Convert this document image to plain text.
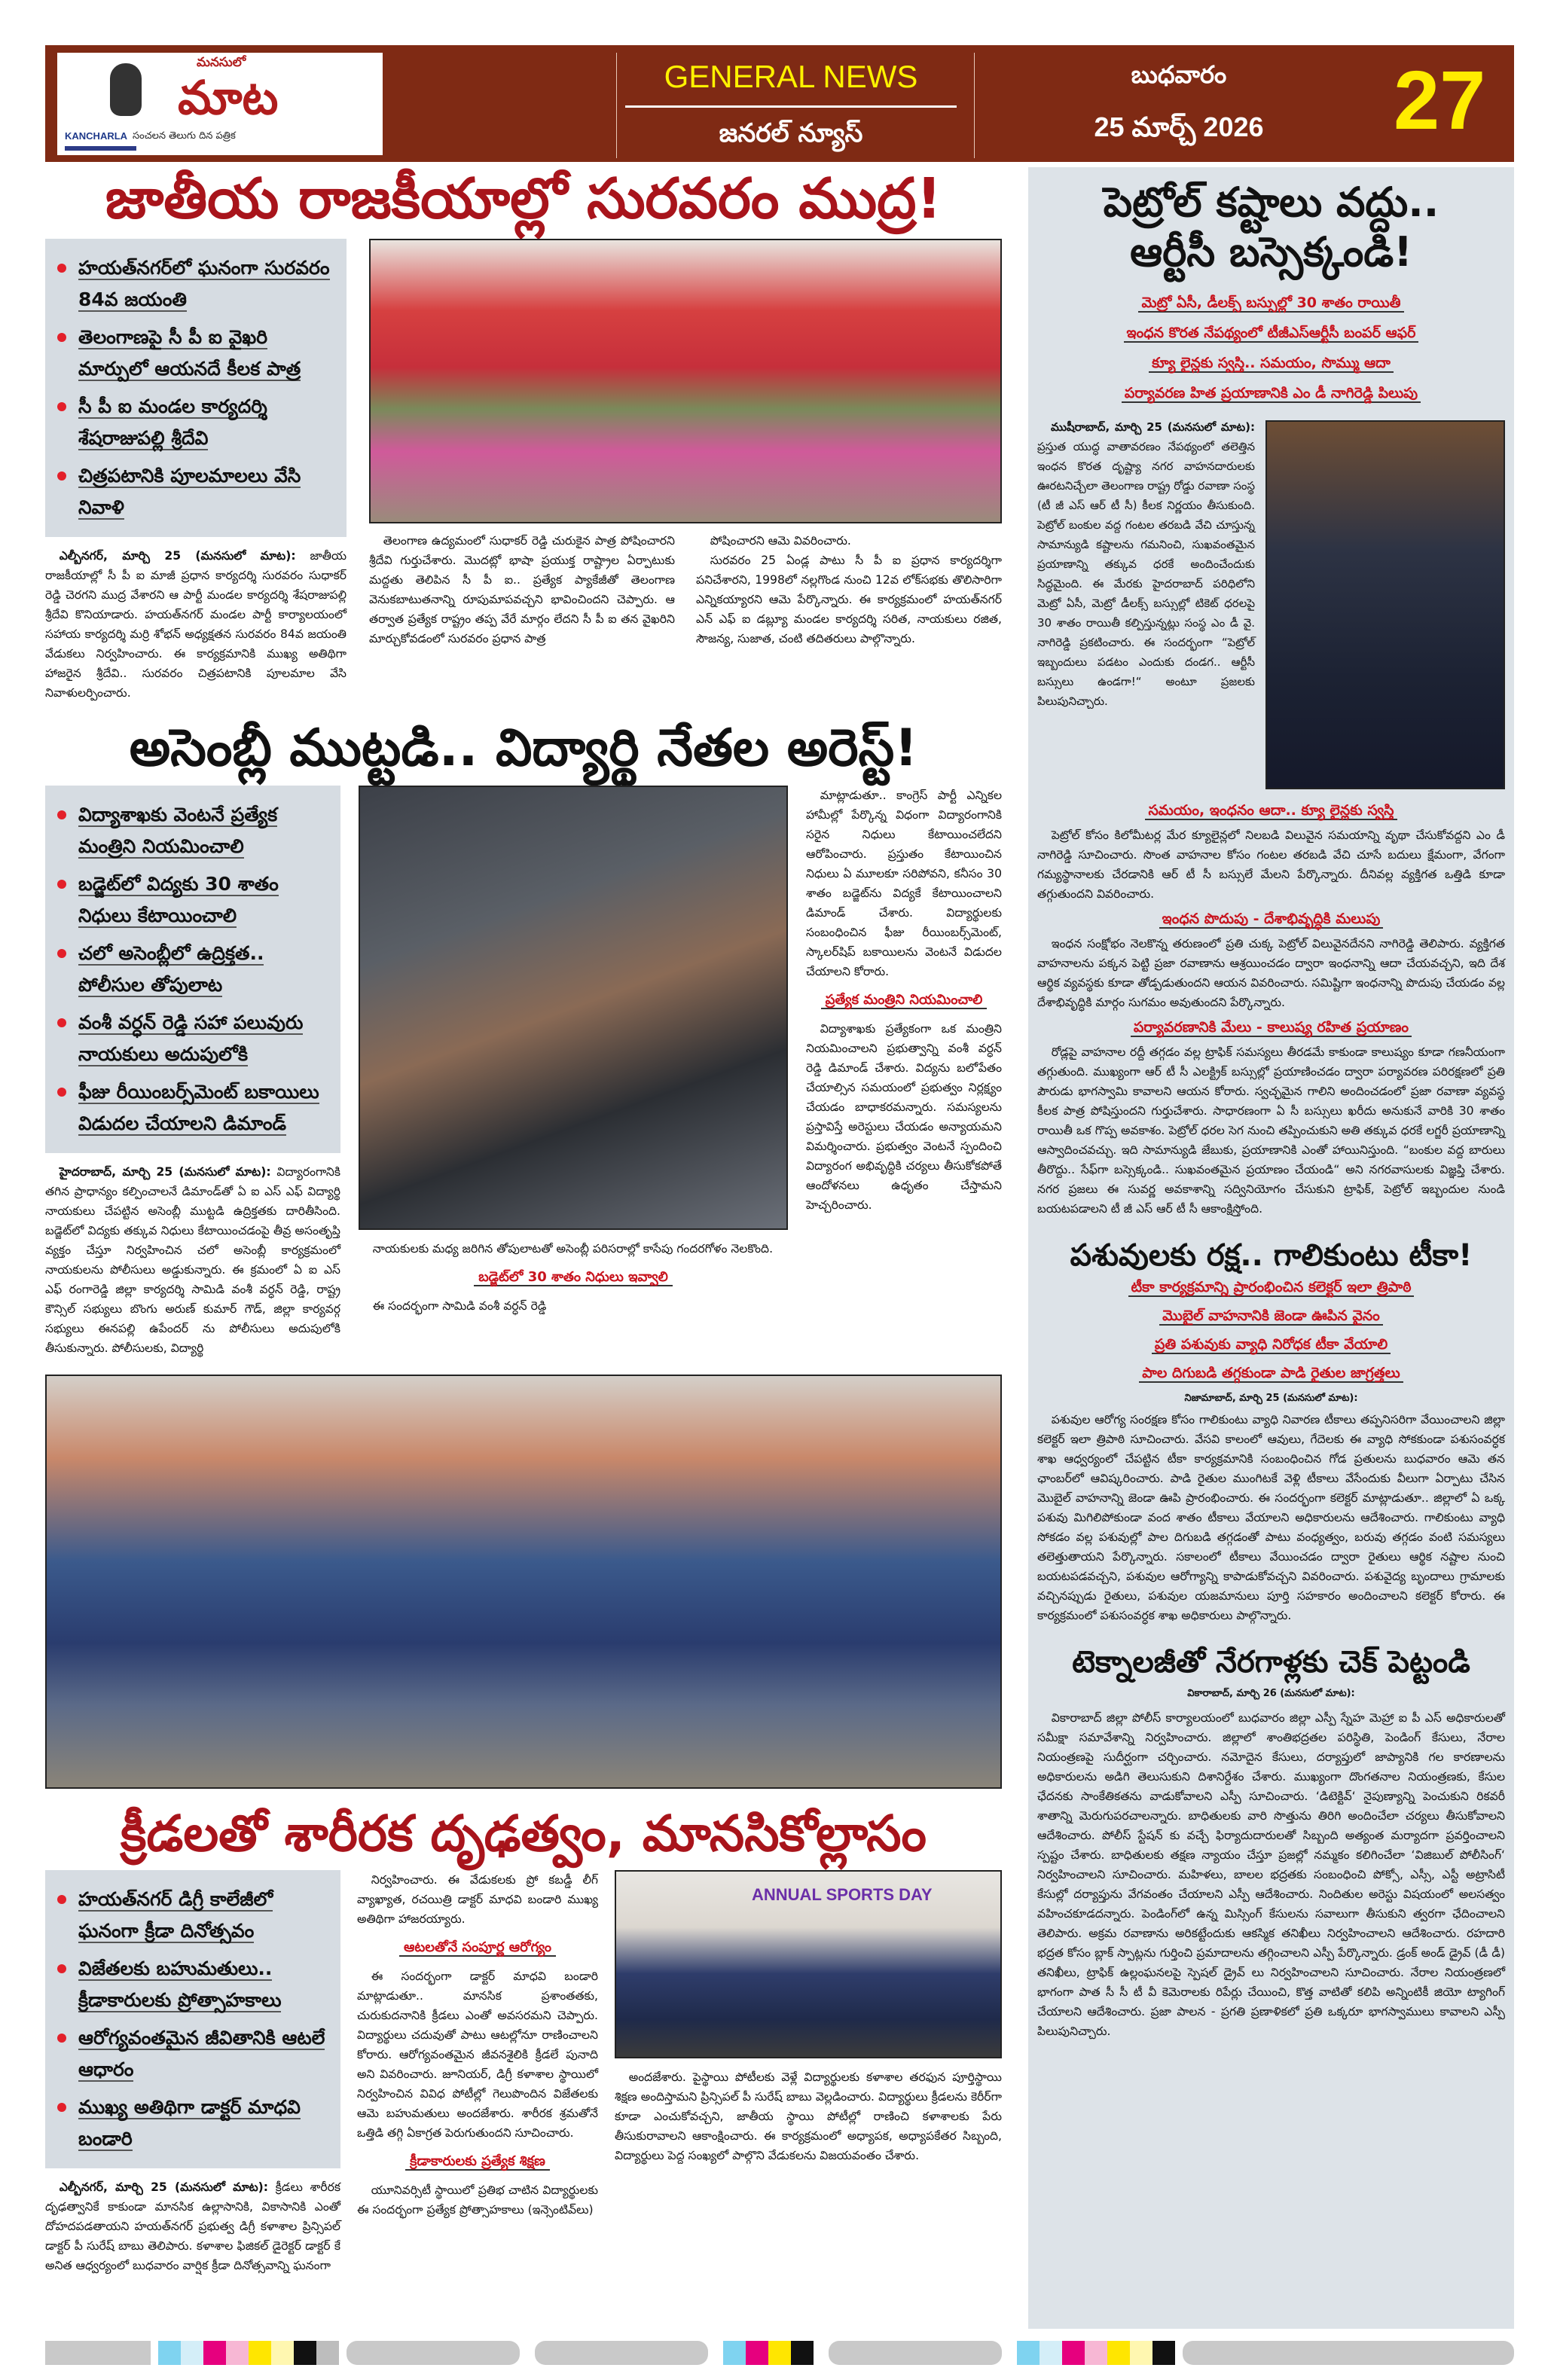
మనసులో
మాట
KANCHARLA సంచలన తెలుగు దిన పత్రిక
GENERAL NEWS
జనరల్ న్యూస్
బుధవారం
25 మార్చ్ 2026	27
జాతీయ రాజకీయాల్లో సురవరం ముద్ర!
హయత్‌నగర్‌లో ఘనంగా సురవరం 84వ జయంతి
తెలంగాణపై సీ పీ ఐ వైఖరి మార్పులో ఆయనదే కీలక పాత్ర
సీ పీ ఐ మండల కార్యదర్శి శేషరాజుపల్లి శ్రీదేవి
చిత్రపటానికి పూలమాలలు వేసి నివాళి
ఎల్బీనగర్, మార్చి 25 (మనసులో మాట): జాతీయ రాజకీయాల్లో సీ పీ ఐ మాజీ ప్రధాన కార్యదర్శి సురవరం సుధాకర్ రెడ్డి చెరగని ముద్ర వేశారని ఆ పార్టీ మండల కార్యదర్శి శేషరాజుపల్లి శ్రీదేవి కొనియాడారు. హయత్‌నగర్ మండల పార్టీ కార్యాలయంలో సహాయ కార్యదర్శి మర్రి శోభన్ అధ్యక్షతన సురవరం 84వ జయంతి వేడుకలు నిర్వహించారు. ఈ కార్యక్రమానికి ముఖ్య అతిథిగా హాజరైన శ్రీదేవి.. సురవరం చిత్రపటానికి పూలమాల వేసి నివాళులర్పించారు.
తెలంగాణ ఉద్యమంలో సుధాకర్ రెడ్డి చురుకైన పాత్ర పోషించారని శ్రీదేవి గుర్తుచేశారు. మొదట్లో భాషా ప్రయుక్త రాష్ట్రాల ఏర్పాటుకు మద్దతు తెలిపిన సీ పీ ఐ.. ప్రత్యేక ప్యాకేజీతో తెలంగాణ వెనుకబాటుతనాన్ని రూపుమాపవచ్చని భావించిందని చెప్పారు. ఆ తర్వాత ప్రత్యేక రాష్ట్రం తప్ప వేరే మార్గం లేదని సీ పీ ఐ తన వైఖరిని మార్చుకోవడంలో సురవరం ప్రధాన పాత్ర
పోషించారని ఆమె వివరించారు.
సురవరం 25 ఏండ్ల పాటు సీ పీ ఐ ప్రధాన కార్యదర్శిగా పనిచేశారని, 1998లో నల్లగొండ నుంచి 12వ లోక్‌సభకు తొలిసారిగా ఎన్నికయ్యారని ఆమె పేర్కొన్నారు. ఈ కార్యక్రమంలో హయత్‌నగర్ ఎన్ ఎఫ్ ఐ డబ్ల్యూ మండల కార్యదర్శి సరిత, నాయకులు రజిత, సౌజన్య, సుజాత, చంటి తదితరులు పాల్గొన్నారు.
అసెంబ్లీ ముట్టడి.. విద్యార్థి నేతల అరెస్ట్!
విద్యాశాఖకు వెంటనే ప్రత్యేక మంత్రిని నియమించాలి
బడ్జెట్‌లో విద్యకు 30 శాతం నిధులు కేటాయించాలి
చలో అసెంబ్లీలో ఉద్రిక్తత.. పోలీసుల తోపులాట
వంశీ వర్ధన్ రెడ్డి సహా పలువురు నాయకులు అదుపులోకి
ఫీజు రీయింబర్స్‌మెంట్ బకాయిలు విడుదల చేయాలని డిమాండ్
హైదరాబాద్, మార్చి 25 (మనసులో మాట): విద్యారంగానికి తగిన ప్రాధాన్యం కల్పించాలనే డిమాండ్‌తో ఏ ఐ ఎస్ ఎఫ్ విద్యార్థి నాయకులు చేపట్టిన అసెంబ్లీ ముట్టడి ఉద్రిక్తతకు దారితీసింది. బడ్జెట్‌లో విద్యకు తక్కువ నిధులు కేటాయించడంపై తీవ్ర అసంతృప్తి వ్యక్తం చేస్తూ నిర్వహించిన చలో అసెంబ్లీ కార్యక్రమంలో నాయకులను పోలీసులు అడ్డుకున్నారు. ఈ క్రమంలో ఏ ఐ ఎస్ ఎఫ్ రంగారెడ్డి జిల్లా కార్యదర్శి సామిడి వంశీ వర్ధన్ రెడ్డి, రాష్ట్ర కౌన్సిల్ సభ్యులు బొంగు అరుణ్ కుమార్ గౌడ్, జిల్లా కార్యవర్గ సభ్యులు ఈనపల్లి ఉపేందర్ ను పోలీసులు అదుపులోకి తీసుకున్నారు. పోలీసులకు, విద్యార్థి
నాయకులకు మధ్య జరిగిన తోపులాటతో అసెంబ్లీ పరిసరాల్లో కాసేపు గందరగోళం నెలకొంది.
బడ్జెట్‌లో 30 శాతం నిధులు ఇవ్వాలి
ఈ సందర్భంగా సామిడి వంశీ వర్ధన్ రెడ్డి
మాట్లాడుతూ.. కాంగ్రెస్ పార్టీ ఎన్నికల హామీల్లో పేర్కొన్న విధంగా విద్యారంగానికి సరైన నిధులు కేటాయించలేదని ఆరోపించారు. ప్రస్తుతం కేటాయించిన నిధులు ఏ మూలకూ సరిపోవని, కనీసం 30 శాతం బడ్జెట్‌ను విద్యకే కేటాయించాలని డిమాండ్ చేశారు. విద్యార్థులకు సంబంధించిన ఫీజు రీయింబర్స్‌మెంట్, స్కాలర్‌షిప్ బకాయిలను వెంటనే విడుదల చేయాలని కోరారు.
ప్రత్యేక మంత్రిని నియమించాలి
విద్యాశాఖకు ప్రత్యేకంగా ఒక మంత్రిని నియమించాలని ప్రభుత్వాన్ని వంశీ వర్ధన్ రెడ్డి డిమాండ్ చేశారు. విద్యను బలోపేతం చేయాల్సిన సమయంలో ప్రభుత్వం నిర్లక్ష్యం చేయడం బాధాకరమన్నారు. సమస్యలను ప్రస్తావిస్తే అరెస్టులు చేయడం అన్యాయమని విమర్శించారు. ప్రభుత్వం వెంటనే స్పందించి విద్యారంగ అభివృద్ధికి చర్యలు తీసుకోకపోతే ఆందోళనలు ఉధృతం చేస్తామని హెచ్చరించారు.
క్రీడలతో శారీరక దృఢత్వం, మానసికోల్లాసం
హయత్‌నగర్ డిగ్రీ కాలేజీలో ఘనంగా క్రీడా దినోత్సవం
విజేతలకు బహుమతులు.. క్రీడాకారులకు ప్రోత్సాహకాలు
ఆరోగ్యవంతమైన జీవితానికి ఆటలే ఆధారం
ముఖ్య అతిథిగా డాక్టర్ మాధవి బండారి
ఎల్బీనగర్, మార్చి 25 (మనసులో మాట): క్రీడలు శారీరక దృఢత్వానికే కాకుండా మానసిక ఉల్లాసానికి, వికాసానికి ఎంతో దోహదపడతాయని హయత్‌నగర్ ప్రభుత్వ డిగ్రీ కళాశాల ప్రిన్సిపల్ డాక్టర్ పీ సురేష్ బాబు తెలిపారు. కళాశాల ఫిజికల్ డైరెక్టర్ డాక్టర్ కే అనిత ఆధ్వర్యంలో బుధవారం వార్షిక క్రీడా దినోత్సవాన్ని ఘనంగా
నిర్వహించారు. ఈ వేడుకలకు ప్రో కబడ్డీ లీగ్ వ్యాఖ్యాత, రచయిత్రి డాక్టర్ మాధవి బండారి ముఖ్య అతిథిగా హాజరయ్యారు.
ఆటలతోనే సంపూర్ణ ఆరోగ్యం
ఈ సందర్భంగా డాక్టర్ మాధవి బండారి మాట్లాడుతూ.. మానసిక ప్రశాంతతకు, చురుకుదనానికి క్రీడలు ఎంతో అవసరమని చెప్పారు. విద్యార్థులు చదువుతో పాటు ఆటల్లోనూ రాణించాలని కోరారు. ఆరోగ్యవంతమైన జీవనశైలికి క్రీడలే పునాది అని వివరించారు. జూనియర్, డిగ్రీ కళాశాల స్థాయిలో నిర్వహించిన వివిధ పోటీల్లో గెలుపొందిన విజేతలకు ఆమె బహుమతులు అందజేశారు. శారీరక శ్రమతోనే ఒత్తిడి తగ్గి ఏకాగ్రత పెరుగుతుందని సూచించారు.
క్రీడాకారులకు ప్రత్యేక శిక్షణ
యూనివర్సిటీ స్థాయిలో ప్రతిభ చాటిన విద్యార్థులకు ఈ సందర్భంగా ప్రత్యేక ప్రోత్సాహకాలు (ఇన్సెంటివ్‌లు)
ANNUAL SPORTS DAY
అందజేశారు. పైస్థాయి పోటీలకు వెళ్లే విద్యార్థులకు కళాశాల తరఫున పూర్తిస్థాయి శిక్షణ అందిస్తామని ప్రిన్సిపల్ పీ సురేష్ బాబు వెల్లడించారు. విద్యార్థులు క్రీడలను కెరీర్‌గా కూడా ఎంచుకోవచ్చని, జాతీయ స్థాయి పోటీల్లో రాణించి కళాశాలకు పేరు తీసుకురావాలని ఆకాంక్షించారు. ఈ కార్యక్రమంలో అధ్యాపక, అధ్యాపకేతర సిబ్బంది, విద్యార్థులు పెద్ద సంఖ్యలో పాల్గొని వేడుకలను విజయవంతం చేశారు.
పెట్రోల్ కష్టాలు వద్దు.. ఆర్టీసీ బస్సెక్కండి!
మెట్రో ఏసీ, డీలక్స్ బస్సుల్లో 30 శాతం రాయితీ
ఇంధన కొరత నేపథ్యంలో టీజీఎస్ఆర్టీసీ బంపర్ ఆఫర్
క్యూ లైన్లకు స్వస్తి.. సమయం, సొమ్ము ఆదా
పర్యావరణ హిత ప్రయాణానికి ఎం డీ నాగిరెడ్డి పిలుపు
ముషీరాబాద్, మార్చి 25 (మనసులో మాట): ప్రస్తుత యుద్ధ వాతావరణం నేపథ్యంలో తలెత్తిన ఇంధన కొరత దృష్ట్యా నగర వాహనదారులకు ఊరటనిచ్చేలా తెలంగాణ రాష్ట్ర రోడ్డు రవాణా సంస్థ (టీ జీ ఎస్ ఆర్ టీ సీ) కీలక నిర్ణయం తీసుకుంది. పెట్రోల్ బంకుల వద్ద గంటల తరబడి వేచి చూస్తున్న సామాన్యుడి కష్టాలను గమనించి, సుఖవంతమైన ప్రయాణాన్ని తక్కువ ధరకే అందించేందుకు సిద్ధమైంది. ఈ మేరకు హైదరాబాద్ పరిధిలోని మెట్రో ఏసీ, మెట్రో డీలక్స్ బస్సుల్లో టికెట్ ధరలపై 30 శాతం రాయితీ కల్పిస్తున్నట్లు సంస్థ ఎం డీ వై. నాగిరెడ్డి ప్రకటించారు. ఈ సందర్భంగా “పెట్రోల్ ఇబ్బందులు పడటం ఎందుకు దండగ.. ఆర్టీసీ బస్సులు ఉండగా!“ అంటూ ప్రజలకు పిలుపునిచ్చారు.
సమయం, ఇంధనం ఆదా.. క్యూ లైన్లకు స్వస్తి
పెట్రోల్ కోసం కిలోమీటర్ల మేర క్యూలైన్లలో నిలబడి విలువైన సమయాన్ని వృథా చేసుకోవద్దని ఎం డీ నాగిరెడ్డి సూచించారు. సొంత వాహనాల కోసం గంటల తరబడి వేచి చూసే బదులు క్షేమంగా, వేగంగా గమ్యస్థానాలకు చేరడానికి ఆర్ టీ సీ బస్సులే మేలని పేర్కొన్నారు. దీనివల్ల వ్యక్తిగత ఒత్తిడి కూడా తగ్గుతుందని వివరించారు.
ఇంధన పొదుపు - దేశాభివృద్ధికి మలుపు
ఇంధన సంక్షోభం నెలకొన్న తరుణంలో ప్రతి చుక్క పెట్రోల్ విలువైనదేనని నాగిరెడ్డి తెలిపారు. వ్యక్తిగత వాహనాలను పక్కన పెట్టి ప్రజా రవాణాను ఆశ్రయించడం ద్వారా ఇంధనాన్ని ఆదా చేయవచ్చని, ఇది దేశ ఆర్థిక వ్యవస్థకు కూడా తోడ్పడుతుందని ఆయన వివరించారు. సమిష్టిగా ఇంధనాన్ని పొదుపు చేయడం వల్ల దేశాభివృద్ధికి మార్గం సుగమం అవుతుందని పేర్కొన్నారు.
పర్యావరణానికి మేలు - కాలుష్య రహిత ప్రయాణం
రోడ్లపై వాహనాల రద్దీ తగ్గడం వల్ల ట్రాఫిక్ సమస్యలు తీరడమే కాకుండా కాలుష్యం కూడా గణనీయంగా తగ్గుతుంది. ముఖ్యంగా ఆర్ టీ సీ ఎలక్ట్రిక్ బస్సుల్లో ప్రయాణించడం ద్వారా పర్యావరణ పరిరక్షణలో ప్రతి పౌరుడు భాగస్వామి కావాలని ఆయన కోరారు. స్వచ్ఛమైన గాలిని అందించడంలో ప్రజా రవాణా వ్యవస్థ కీలక పాత్ర పోషిస్తుందని గుర్తుచేశారు. సాధారణంగా ఏ సీ బస్సులు ఖరీదు అనుకునే వారికి 30 శాతం రాయితీ ఒక గొప్ప అవకాశం. పెట్రోల్ ధరల సెగ నుంచి తప్పించుకుని అతి తక్కువ ధరకే లగ్జరీ ప్రయాణాన్ని ఆస్వాదించవచ్చు. ఇది సామాన్యుడి జేబుకు, ప్రయాణానికి ఎంతో హాయినిస్తుంది. “బంకుల వద్ద బారులు తీరొద్దు.. సేఫ్‌గా బస్సెక్కండి.. సుఖవంతమైన ప్రయాణం చేయండి“ అని నగరవాసులకు విజ్ఞప్తి చేశారు. నగర ప్రజలు ఈ సువర్ణ అవకాశాన్ని సద్వినియోగం చేసుకుని ట్రాఫిక్, పెట్రోల్ ఇబ్బందుల నుండి బయటపడాలని టీ జీ ఎస్ ఆర్ టీ సీ ఆకాంక్షిస్తోంది.
పశువులకు రక్ష.. గాలికుంటు టీకా!
టీకా కార్యక్రమాన్ని ప్రారంభించిన కలెక్టర్ ఇలా త్రిపాఠి
మొబైల్ వాహనానికి జెండా ఊపిన వైనం
ప్రతి పశువుకు వ్యాధి నిరోధక టీకా వేయాలి
పాల దిగుబడి తగ్గకుండా పాడి రైతుల జాగ్రత్తలు
నిజామాబాద్, మార్చి 25 (మనసులో మాట):
పశువుల ఆరోగ్య సంరక్షణ కోసం గాలికుంటు వ్యాధి నివారణ టీకాలు తప్పనిసరిగా వేయించాలని జిల్లా కలెక్టర్ ఇలా త్రిపాఠి సూచించారు. వేసవి కాలంలో ఆవులు, గేదెలకు ఈ వ్యాధి సోకకుండా పశుసంవర్ధక శాఖ ఆధ్వర్యంలో చేపట్టిన టీకా కార్యక్రమానికి సంబంధించిన గోడ ప్రతులను బుధవారం ఆమె తన ఛాంబర్‌లో ఆవిష్కరించారు. పాడి రైతుల ముంగిటకే వెళ్లి టీకాలు వేసేందుకు వీలుగా ఏర్పాటు చేసిన మొబైల్ వాహనాన్ని జెండా ఊపి ప్రారంభించారు. ఈ సందర్భంగా కలెక్టర్ మాట్లాడుతూ.. జిల్లాలో ఏ ఒక్క పశువు మిగిలిపోకుండా వంద శాతం టీకాలు వేయాలని అధికారులను ఆదేశించారు. గాలికుంటు వ్యాధి సోకడం వల్ల పశువుల్లో పాల దిగుబడి తగ్గడంతో పాటు వంధ్యత్వం, బరువు తగ్గడం వంటి సమస్యలు తలెత్తుతాయని పేర్కొన్నారు. సకాలంలో టీకాలు వేయించడం ద్వారా రైతులు ఆర్థిక నష్టాల నుంచి బయటపడవచ్చని, పశువుల ఆరోగ్యాన్ని కాపాడుకోవచ్చని వివరించారు. పశువైద్య బృందాలు గ్రామాలకు వచ్చినప్పుడు రైతులు, పశువుల యజమానులు పూర్తి సహకారం అందించాలని కలెక్టర్ కోరారు. ఈ కార్యక్రమంలో పశుసంవర్ధక శాఖ అధికారులు పాల్గొన్నారు.
టెక్నాలజీతో నేరగాళ్లకు చెక్ పెట్టండి
వికారాబాద్, మార్చి 26 (మనసులో మాట):
వికారాబాద్ జిల్లా పోలీస్ కార్యాలయంలో బుధవారం జిల్లా ఎస్పీ స్నేహ మెహ్రా ఐ పీ ఎస్ అధికారులతో సమీక్షా సమావేశాన్ని నిర్వహించారు. జిల్లాలో శాంతిభద్రతల పరిస్థితి, పెండింగ్ కేసులు, నేరాల నియంత్రణపై సుదీర్ఘంగా చర్చించారు. నమోదైన కేసులు, దర్యాప్తులో జాప్యానికి గల కారణాలను అధికారులను అడిగి తెలుసుకుని దిశానిర్దేశం చేశారు. ముఖ్యంగా దొంగతనాల నియంత్రణకు, కేసుల ఛేదనకు సాంకేతికతను వాడుకోవాలని ఎస్పీ సూచించారు. ‘డిటెక్టివ్‘ నైపుణ్యాన్ని పెంచుకుని రికవరీ శాతాన్ని మెరుగుపరచాలన్నారు. బాధితులకు వారి సొత్తును తిరిగి అందించేలా చర్యలు తీసుకోవాలని ఆదేశించారు. పోలీస్ స్టేషన్ కు వచ్చే ఫిర్యాదుదారులతో సిబ్బంది అత్యంత మర్యాదగా ప్రవర్తించాలని స్పష్టం చేశారు. బాధితులకు తక్షణ న్యాయం చేస్తూ ప్రజల్లో నమ్మకం కలిగించేలా ‘విజిబుల్ పోలీసింగ్‘ నిర్వహించాలని సూచించారు. మహిళలు, బాలల భద్రతకు సంబంధించి పోక్సో, ఎస్సీ, ఎస్టీ అట్రాసిటీ కేసుల్లో దర్యాప్తును వేగవంతం చేయాలని ఎస్పీ ఆదేశించారు. నిందితుల అరెస్టు విషయంలో అలసత్వం వహించకూడదన్నారు. పెండింగ్‌లో ఉన్న మిస్సింగ్ కేసులను సవాలుగా తీసుకుని త్వరగా ఛేదించాలని తెలిపారు. అక్రమ రవాణాను అరికట్టేందుకు ఆకస్మిక తనిఖీలు నిర్వహించాలని ఆదేశించారు. రహదారి భద్రత కోసం బ్లాక్ స్పాట్లను గుర్తించి ప్రమాదాలను తగ్గించాలని ఎస్పీ పేర్కొన్నారు. డ్రంక్ అండ్ డ్రైవ్ (డీ డీ) తనిఖీలు, ట్రాఫిక్ ఉల్లంఘనలపై స్పెషల్ డ్రైవ్ లు నిర్వహించాలని సూచించారు. నేరాల నియంత్రణలో భాగంగా పాత సీ సీ టీ వీ కెమెరాలకు రిపేర్లు చేయించి, కొత్త వాటితో కలిపి అన్నింటికీ జియో ట్యాగింగ్ చేయాలని ఆదేశించారు. ప్రజా పాలన - ప్రగతి ప్రణాళికలో ప్రతి ఒక్కరూ భాగస్వాములు కావాలని ఎస్పీ పిలుపునిచ్చారు.
